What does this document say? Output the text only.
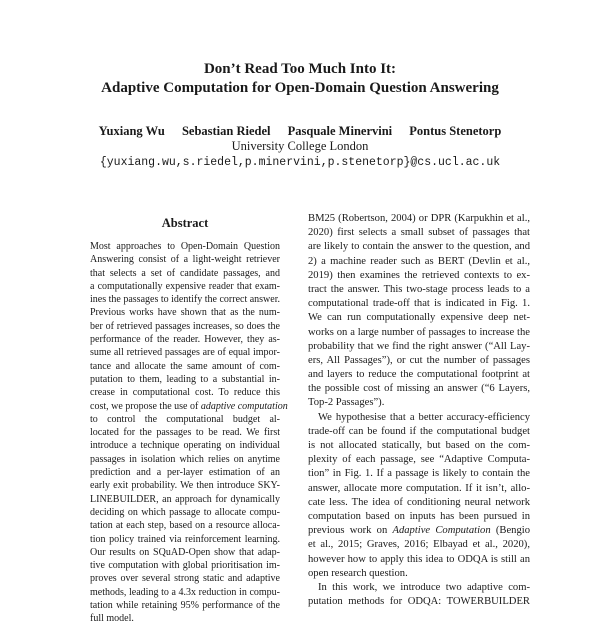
Don’t Read Too Much Into It:
Adaptive Computation for Open-Domain Question Answering
Yuxiang Wu Sebastian Riedel Pasquale Minervini Pontus Stenetorp
University College London
{yuxiang.wu,s.riedel,p.minervini,p.stenetorp}@cs.ucl.ac.uk
Abstract
Most approaches to Open-Domain Question
Answering consist of a light-weight retriever
that selects a set of candidate passages, and
a computationally expensive reader that exam-
ines the passages to identify the correct answer.
Previous works have shown that as the num-
ber of retrieved passages increases, so does the
performance of the reader. However, they as-
sume all retrieved passages are of equal impor-
tance and allocate the same amount of com-
putation to them, leading to a substantial in-
crease in computational cost. To reduce this
cost, we propose the use of adaptive computation
to control the computational budget al-
located for the passages to be read. We first
introduce a technique operating on individual
passages in isolation which relies on anytime
prediction and a per-layer estimation of an
early exit probability. We then introduce SKY-
LINEBUILDER, an approach for dynamically
deciding on which passage to allocate compu-
tation at each step, based on a resource alloca-
tion policy trained via reinforcement learning.
Our results on SQuAD-Open show that adap-
tive computation with global prioritisation im-
proves over several strong static and adaptive
methods, leading to a 4.3x reduction in compu-
tation while retaining 95% performance of the
full model.
BM25 (Robertson, 2004) or DPR (Karpukhin et al.,
2020) first selects a small subset of passages that
are likely to contain the answer to the question, and
2) a machine reader such as BERT (Devlin et al.,
2019) then examines the retrieved contexts to ex-
tract the answer. This two-stage process leads to a
computational trade-off that is indicated in Fig. 1.
We can run computationally expensive deep net-
works on a large number of passages to increase the
probability that we find the right answer (“All Lay-
ers, All Passages”), or cut the number of passages
and layers to reduce the computational footprint at
the possible cost of missing an answer (“6 Layers,
Top-2 Passages”).
We hypothesise that a better accuracy-efficiency
trade-off can be found if the computational budget
is not allocated statically, but based on the com-
plexity of each passage, see “Adaptive Computa-
tion” in Fig. 1. If a passage is likely to contain the
answer, allocate more computation. If it isn’t, allo-
cate less. The idea of conditioning neural network
computation based on inputs has been pursued in
previous work on Adaptive Computation (Bengio
et al., 2015; Graves, 2016; Elbayad et al., 2020),
however how to apply this idea to ODQA is still an
open research question.
In this work, we introduce two adaptive com-
putation methods for ODQA: TOWERBUILDER
